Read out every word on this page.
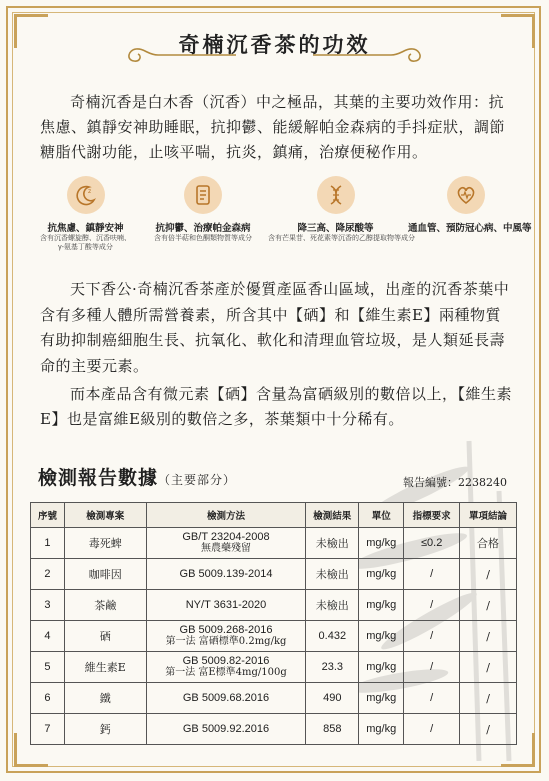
奇楠沉香茶的功效
奇楠沉香是白木香（沉香）中之極品，其葉的主要功效作用：抗焦慮、鎮靜安神助睡眠，抗抑鬱、能緩解帕金森病的手抖症狀，調節糖脂代謝功能，止咳平喘，抗炎，鎮痛，治療便秘作用。
z
抗焦慮、鎮靜安神
含有沉香螺旋醇、沉香呋喃、
γ-氨基丁酸等成分
抗抑鬱、治療帕金森病
含有倍半萜和色酮類物質等成分
降三高、降尿酸等
含有芒果苷、死花素等沉香的乙醇提取物等成分
通血管、預防冠心病、中風等
天下香公·奇楠沉香茶產於優質產區香山區域，出產的沉香茶葉中含有多種人體所需營養素，所含其中【硒】和【維生素E】兩種物質有助抑制癌細胞生長、抗氧化、軟化和清理血管垃圾，是人類延長壽命的主要元素。
而本產品含有微元素【硒】含量為富硒級別的數倍以上，【維生素E】也是富維E級別的數倍之多，茶葉類中十分稀有。
檢測報告數據（主要部分）	報告編號：2238240
序號	檢測專案	檢測方法	檢測結果	單位	指標要求	單項結論
1	毒死蜱	GB/T 23204-2008
無農藥殘留	未檢出	mg/kg	≤0.2	合格
2	咖啡因	GB 5009.139-2014	未檢出	mg/kg	/	/
3	茶鹼	NY/T 3631-2020	未檢出	mg/kg	/	/
4	硒	GB 5009.268-2016
第一法 富硒標準0.2mg/kg	0.432	mg/kg	/	/
5	維生素E	GB 5009.82-2016
第一法 富E標準4mg/100g	23.3	mg/kg	/	/
6	鐵	GB 5009.68.2016	490	mg/kg	/	/
7	鈣	GB 5009.92.2016	858	mg/kg	/	/
